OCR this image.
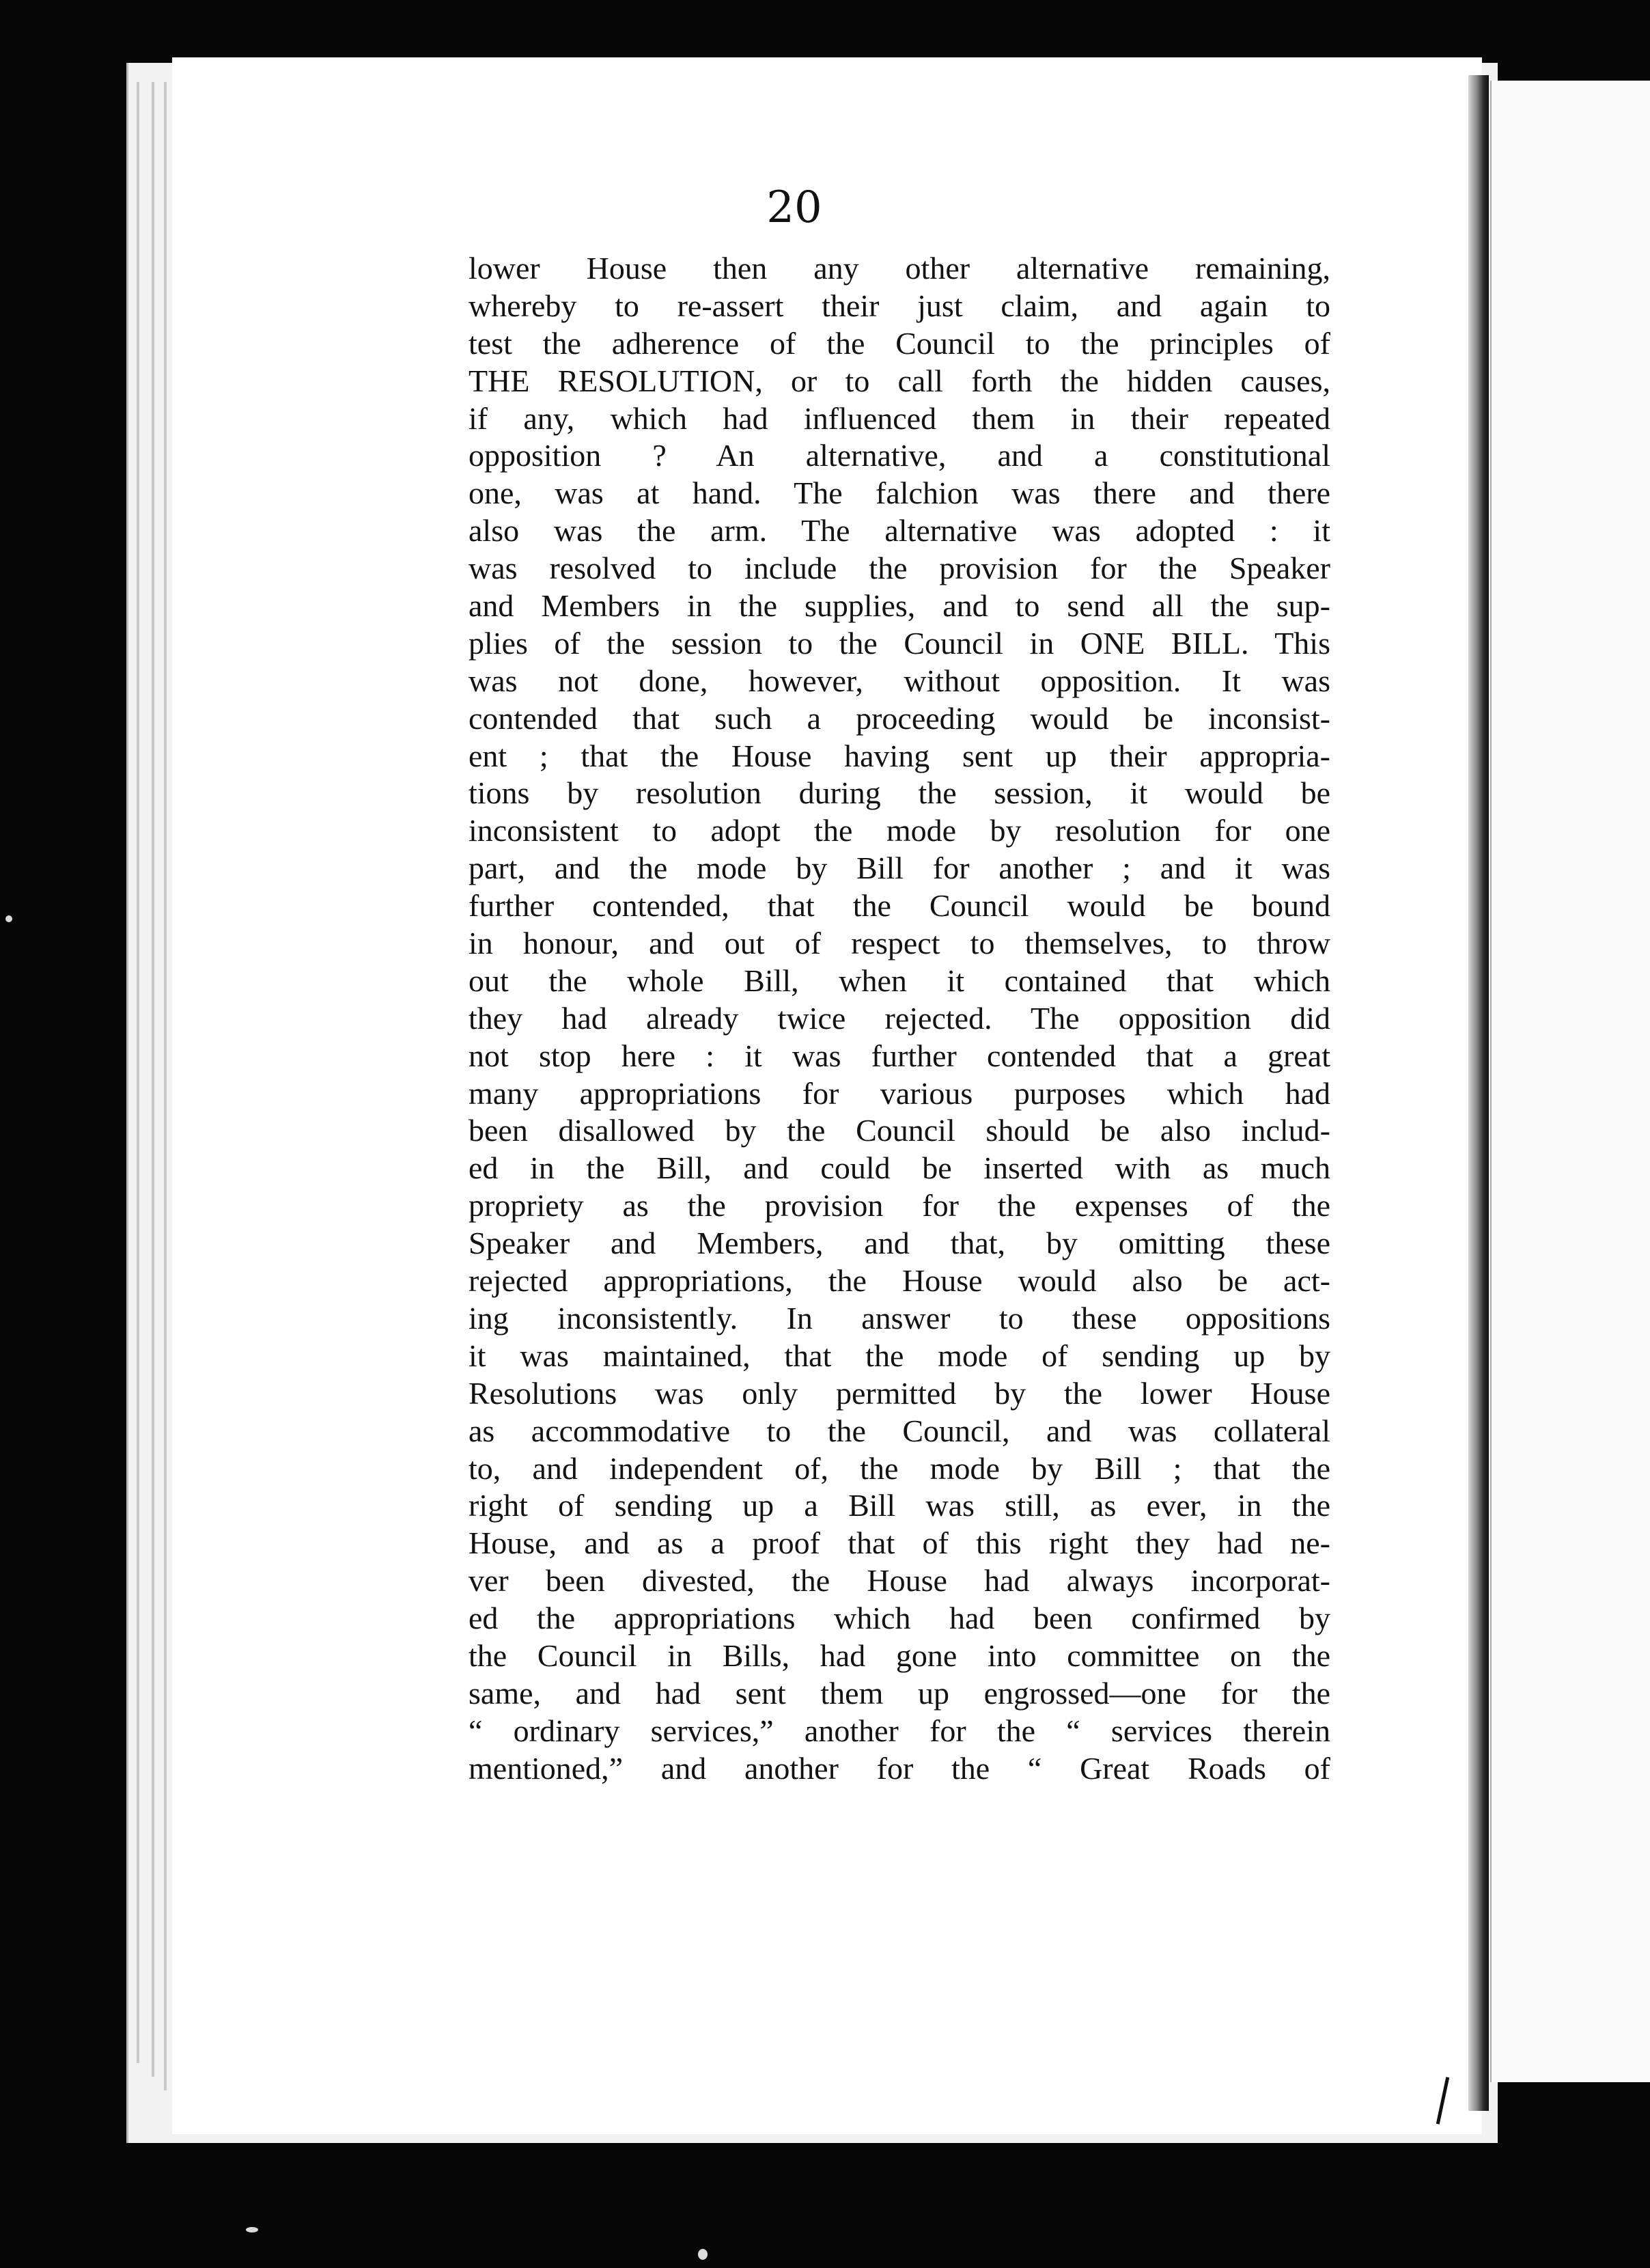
20
lower House then any other alternative remaining,
whereby to re-assert their just claim, and again to
test the adherence of the Council to the principles of
THE RESOLUTION, or to call forth the hidden causes,
if any, which had influenced them in their repeated
opposition ? An alternative, and a constitutional
one, was at hand. The falchion was there and there
also was the arm. The alternative was adopted : it
was resolved to include the provision for the Speaker
and Members in the supplies, and to send all the sup-
plies of the session to the Council in ONE BILL. This
was not done, however, without opposition. It was
contended that such a proceeding would be inconsist-
ent ; that the House having sent up their appropria-
tions by resolution during the session, it would be
inconsistent to adopt the mode by resolution for one
part, and the mode by Bill for another ; and it was
further contended, that the Council would be bound
in honour, and out of respect to themselves, to throw
out the whole Bill, when it contained that which
they had already twice rejected. The opposition did
not stop here : it was further contended that a great
many appropriations for various purposes which had
been disallowed by the Council should be also includ-
ed in the Bill, and could be inserted with as much
propriety as the provision for the expenses of the
Speaker and Members, and that, by omitting these
rejected appropriations, the House would also be act-
ing inconsistently. In answer to these oppositions
it was maintained, that the mode of sending up by
Resolutions was only permitted by the lower House
as accommodative to the Council, and was collateral
to, and independent of, the mode by Bill ; that the
right of sending up a Bill was still, as ever, in the
House, and as a proof that of this right they had ne-
ver been divested, the House had always incorporat-
ed the appropriations which had been confirmed by
the Council in Bills, had gone into committee on the
same, and had sent them up engrossed—one for the
“ ordinary services,” another for the “ services therein
mentioned,” and another for the “ Great Roads of
